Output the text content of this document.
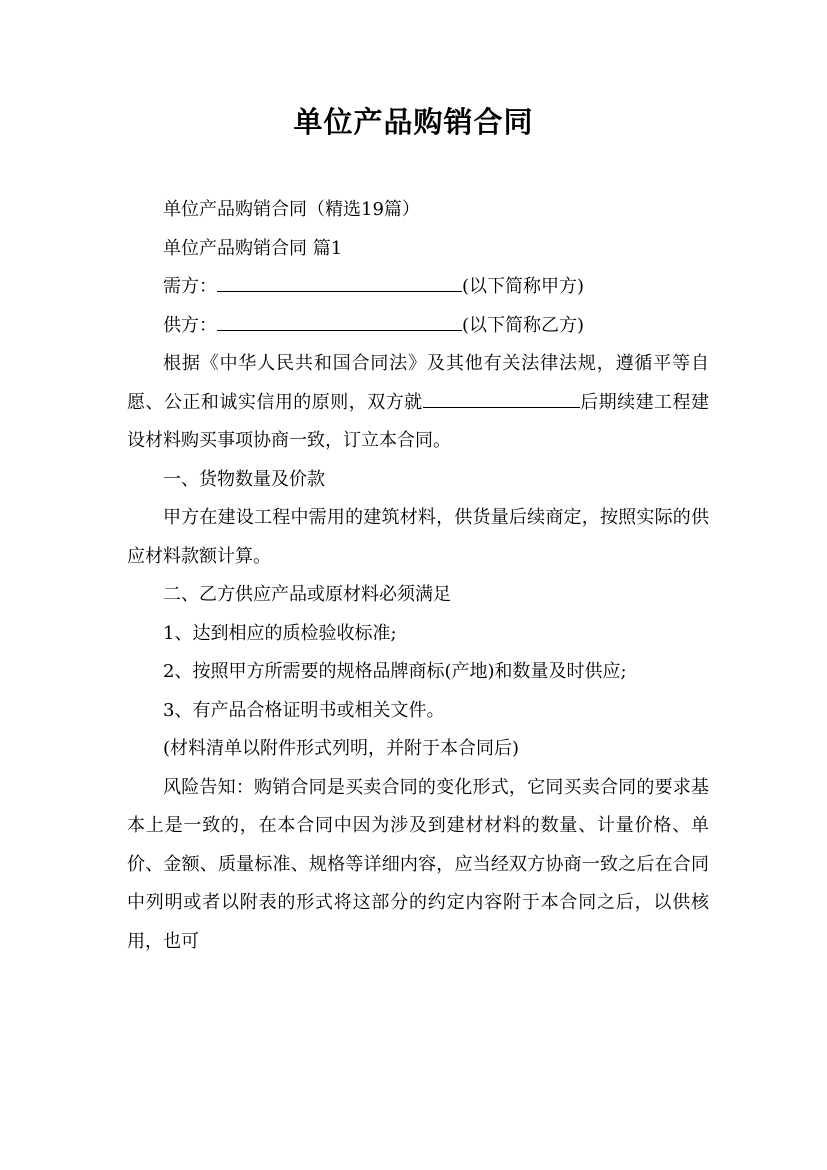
单位产品购销合同

单位产品购销合同（精选19篇）

单位产品购销合同 篇1

需方：	(以下简称甲方)

供方：	(以下简称乙方)

根据《中华人民共和国合同法》及其他有关法律法规，遵循平等自愿、公正和诚实信用的原则，双方就	后期续建工程建设材料购买事项协商一致，订立本合同。

一、货物数量及价款

甲方在建设工程中需用的建筑材料，供货量后续商定，按照实际的供应材料款额计算。

二、乙方供应产品或原材料必须满足

1、达到相应的质检验收标准;

2、按照甲方所需要的规格品牌商标(产地)和数量及时供应;

3、有产品合格证明书或相关文件。

(材料清单以附件形式列明，并附于本合同后)

风险告知：购销合同是买卖合同的变化形式，它同买卖合同的要求基本上是一致的，在本合同中因为涉及到建材材料的数量、计量价格、单价、金额、质量标准、规格等详细内容，应当经双方协商一致之后在合同中列明或者以附表的形式将这部分的约定内容附于本合同之后，以供核用，也可
